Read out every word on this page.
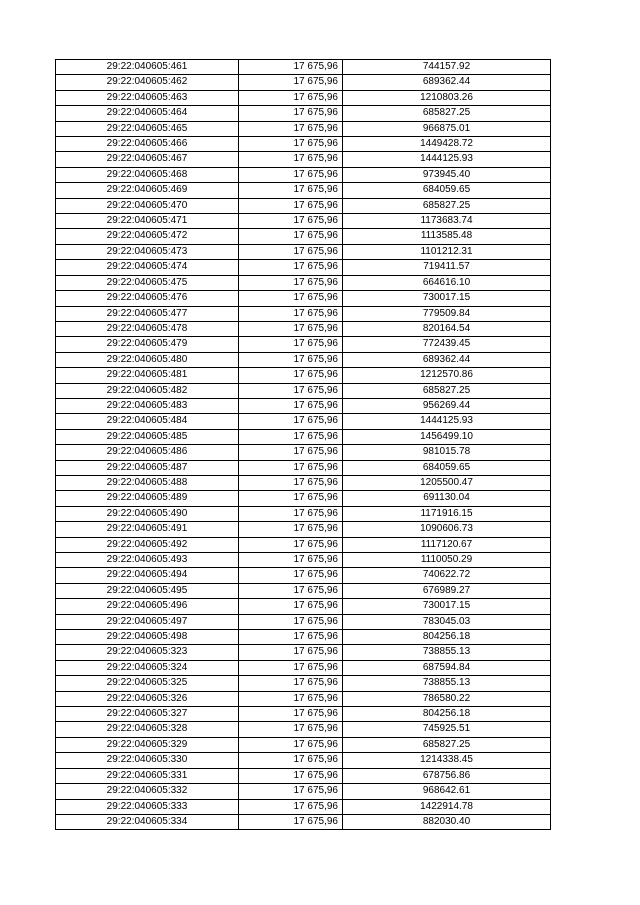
29:22:040605:461	17 675,96	744157.92
29:22:040605:462	17 675,96	689362.44
29:22:040605:463	17 675,96	1210803.26
29:22:040605:464	17 675,96	685827.25
29:22:040605:465	17 675,96	966875.01
29:22:040605:466	17 675,96	1449428.72
29:22:040605:467	17 675,96	1444125.93
29:22:040605:468	17 675,96	973945.40
29:22:040605:469	17 675,96	684059.65
29:22:040605:470	17 675,96	685827.25
29:22:040605:471	17 675,96	1173683.74
29:22:040605:472	17 675,96	1113585.48
29:22:040605:473	17 675,96	1101212.31
29:22:040605:474	17 675,96	719411.57
29:22:040605:475	17 675,96	664616.10
29:22:040605:476	17 675,96	730017.15
29:22:040605:477	17 675,96	779509.84
29:22:040605:478	17 675,96	820164.54
29:22:040605:479	17 675,96	772439.45
29:22:040605:480	17 675,96	689362.44
29:22:040605:481	17 675,96	1212570.86
29:22:040605:482	17 675,96	685827.25
29:22:040605:483	17 675,96	956269.44
29:22:040605:484	17 675,96	1444125.93
29:22:040605:485	17 675,96	1456499.10
29:22:040605:486	17 675,96	981015.78
29:22:040605:487	17 675,96	684059.65
29:22:040605:488	17 675,96	1205500.47
29:22:040605:489	17 675,96	691130.04
29:22:040605:490	17 675,96	1171916.15
29:22:040605:491	17 675,96	1090606.73
29:22:040605:492	17 675,96	1117120.67
29:22:040605:493	17 675,96	1110050.29
29:22:040605:494	17 675,96	740622.72
29:22:040605:495	17 675,96	676989.27
29:22:040605:496	17 675,96	730017.15
29:22:040605:497	17 675,96	783045.03
29:22:040605:498	17 675,96	804256.18
29:22:040605:323	17 675,96	738855.13
29:22:040605:324	17 675,96	687594.84
29:22:040605:325	17 675,96	738855.13
29:22:040605:326	17 675,96	786580.22
29:22:040605:327	17 675,96	804256.18
29:22:040605:328	17 675,96	745925.51
29:22:040605:329	17 675,96	685827.25
29:22:040605:330	17 675,96	1214338.45
29:22:040605:331	17 675,96	678756.86
29:22:040605:332	17 675,96	968642.61
29:22:040605:333	17 675,96	1422914.78
29:22:040605:334	17 675,96	882030.40
